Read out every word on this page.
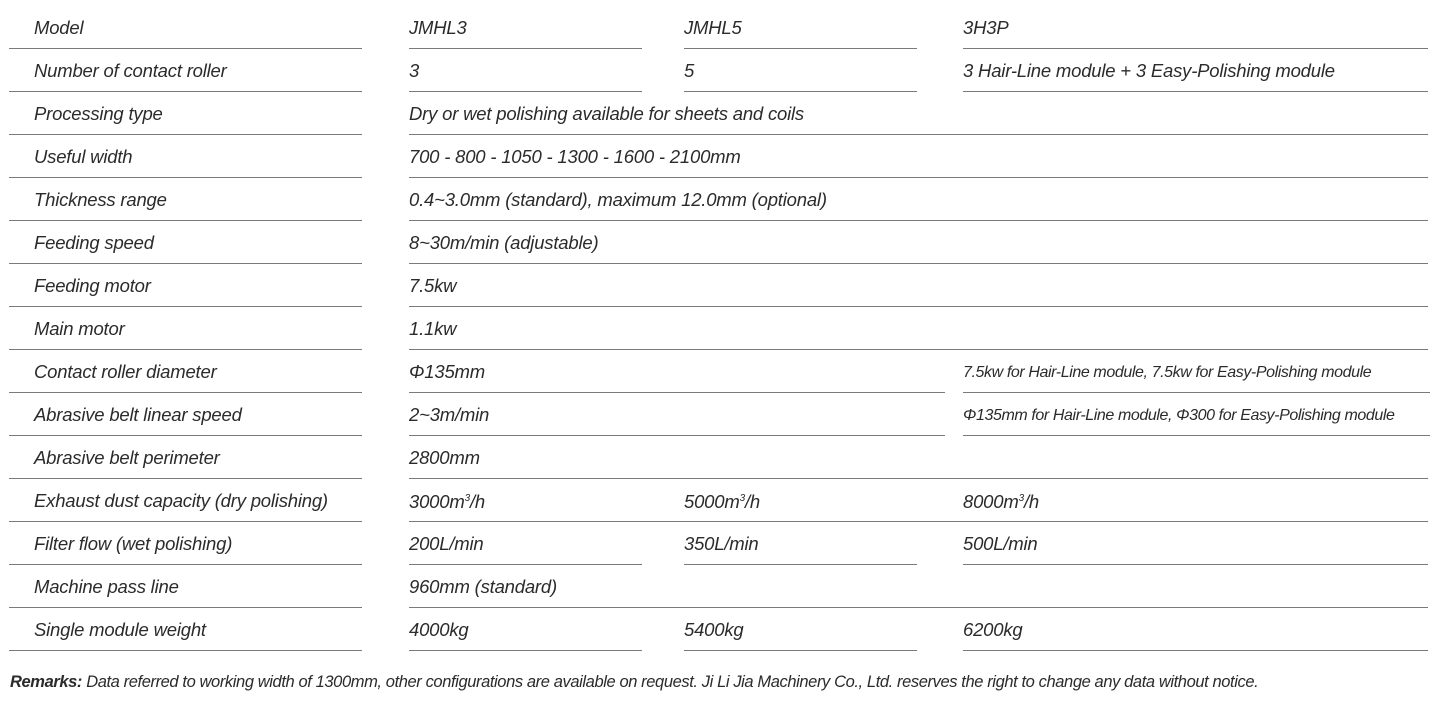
Model	JMHL3	JMHL5	3H3P
Number of contact roller	3	5	3 Hair-Line module + 3 Easy-Polishing module
Processing type	Dry or wet polishing available for sheets and coils
Useful width	700 - 800 - 1050 - 1300 - 1600 - 2100mm
Thickness range	0.4~3.0mm (standard), maximum 12.0mm (optional)
Feeding speed	8~30m/min (adjustable)
Feeding motor	7.5kw
Main motor	1.1kw
Contact roller diameter	Φ135mm	7.5kw for Hair-Line module, 7.5kw for Easy-Polishing module
Abrasive belt linear speed	2~3m/min	Φ135mm for Hair-Line module, Φ300 for Easy-Polishing module
Abrasive belt perimeter	2800mm
Exhaust dust capacity (dry polishing)	$3000m^3/h$	$5000m^3/h$	$8000m^3/h$
Filter flow (wet polishing)	200L/min	350L/min	500L/min
Machine pass line	960mm (standard)
Single module weight	4000kg	5400kg	6200kg
Remarks: Data referred to working width of 1300mm, other configurations are available on request. Ji Li Jia Machinery Co., Ltd. reserves the right to change any data without notice.
